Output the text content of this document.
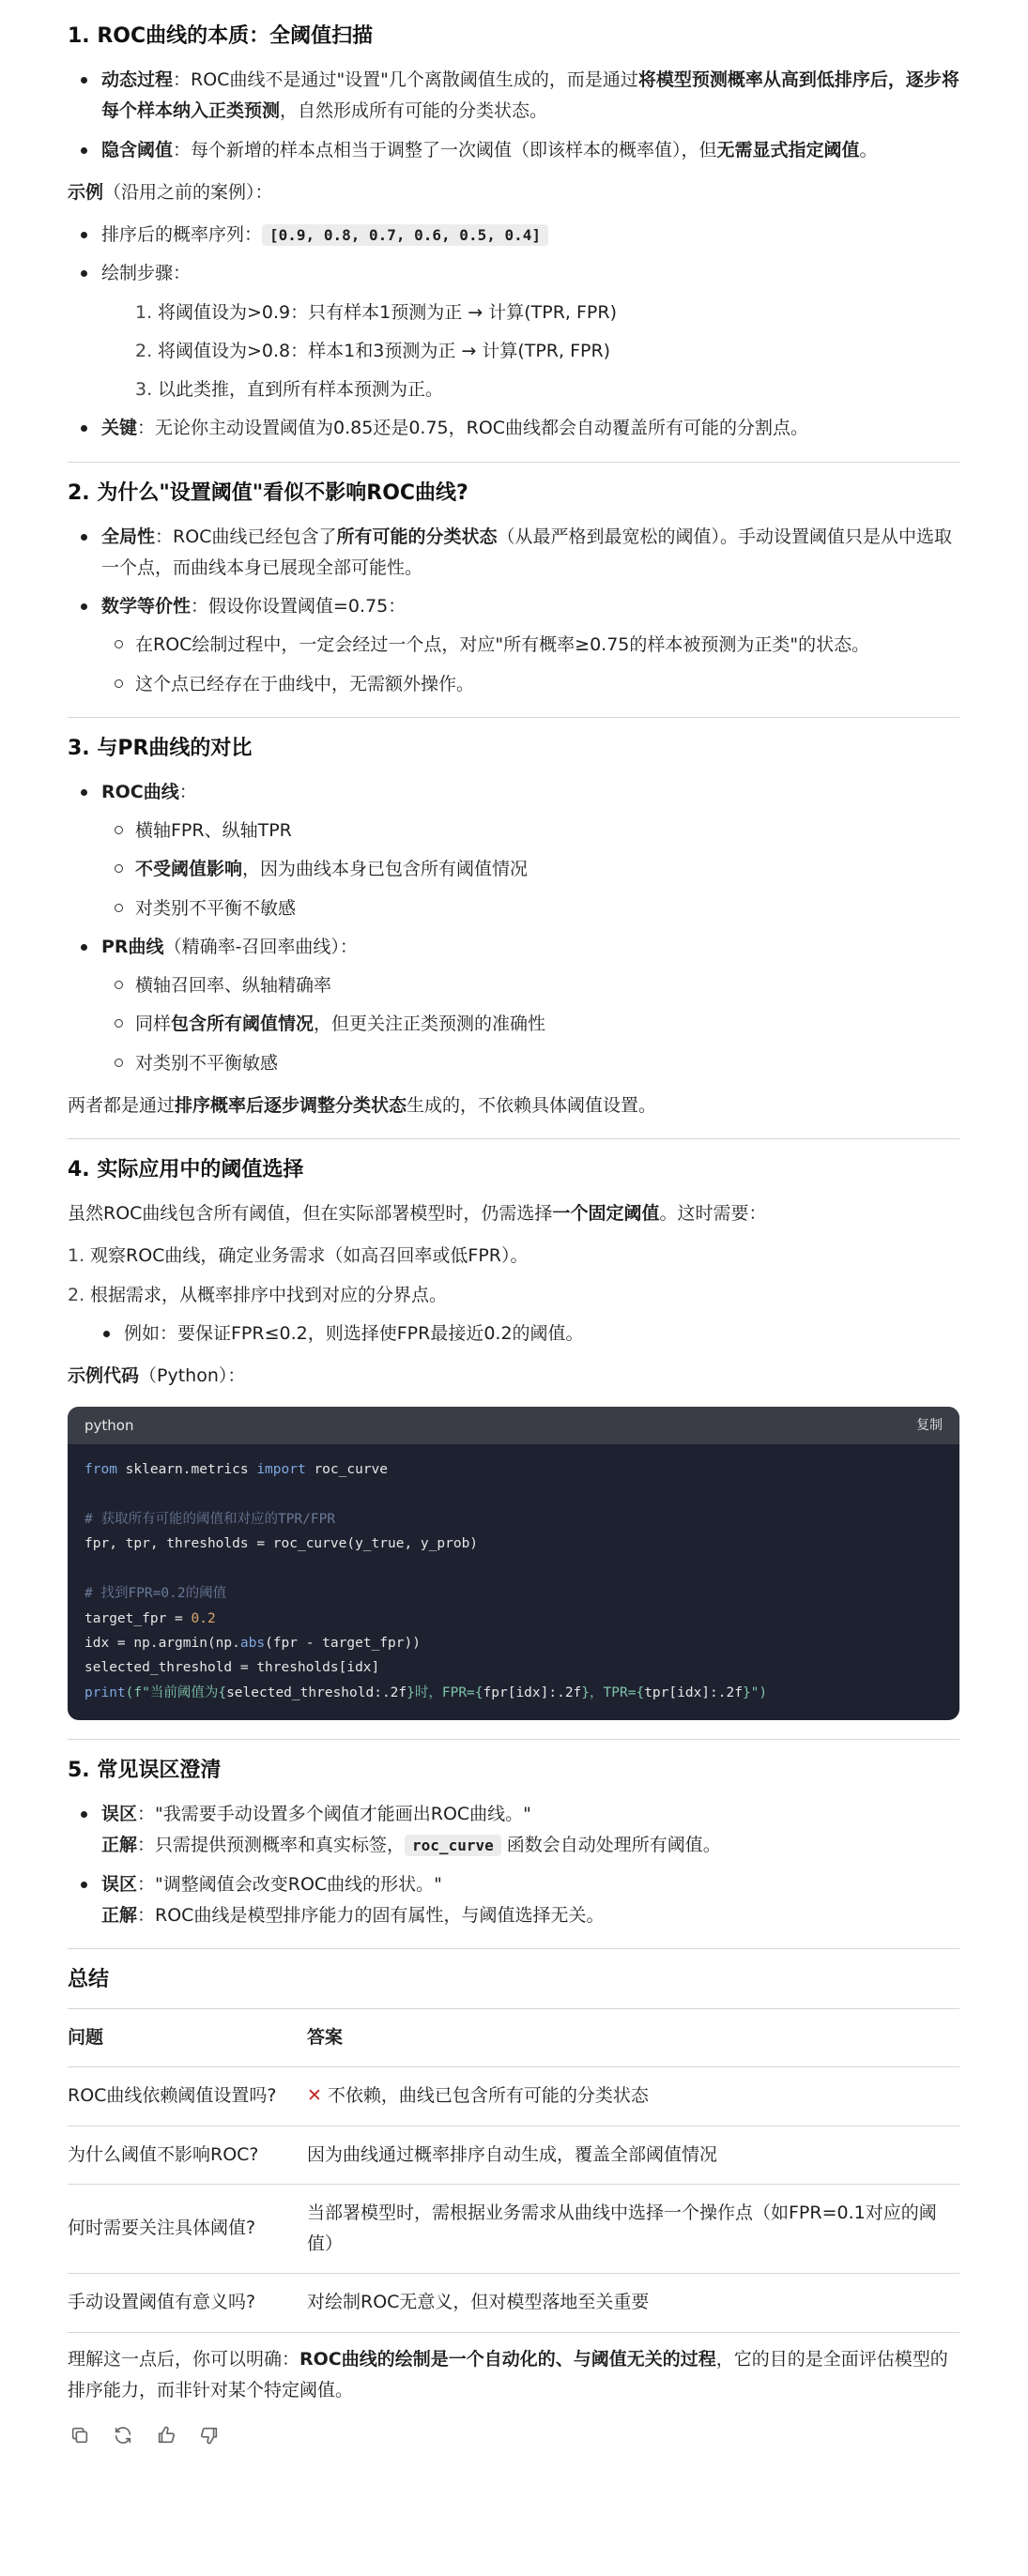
1. ROC曲线的本质：全阈值扫描
动态过程：ROC曲线不是通过"设置"几个离散阈值生成的，而是通过将模型预测概率从高到低排序后，逐步将每个样本纳入正类预测，自然形成所有可能的分类状态。
隐含阈值：每个新增的样本点相当于调整了一次阈值（即该样本的概率值），但无需显式指定阈值。

示例（沿用之前的案例）：

排序后的概率序列： [0.9, 0.8, 0.7, 0.6, 0.5, 0.4]
绘制步骤：
1. 将阈值设为>0.9：只有样本1预测为正 → 计算(TPR, FPR)
2. 将阈值设为>0.8：样本1和3预测为正 → 计算(TPR, FPR)
3. 以此类推，直到所有样本预测为正。
关键：无论你主动设置阈值为0.85还是0.75，ROC曲线都会自动覆盖所有可能的分割点。
2. 为什么"设置阈值"看似不影响ROC曲线?
全局性：ROC曲线已经包含了所有可能的分类状态（从最严格到最宽松的阈值）。手动设置阈值只是从中选取一个点，而曲线本身已展现全部可能性。
数学等价性：假设你设置阈值=0.75：
在ROC绘制过程中，一定会经过一个点，对应"所有概率≥0.75的样本被预测为正类"的状态。
这个点已经存在于曲线中，无需额外操作。
3. 与PR曲线的对比
ROC曲线：
横轴FPR、纵轴TPR
不受阈值影响，因为曲线本身已包含所有阈值情况
对类别不平衡不敏感
PR曲线（精确率-召回率曲线）：
横轴召回率、纵轴精确率
同样包含所有阈值情况，但更关注正类预测的准确性
对类别不平衡敏感

两者都是通过排序概率后逐步调整分类状态生成的，不依赖具体阈值设置。

4. 实际应用中的阈值选择

虽然ROC曲线包含所有阈值，但在实际部署模型时，仍需选择一个固定阈值。这时需要：

1. 观察ROC曲线，确定业务需求（如高召回率或低FPR）。
2. 根据需求，从概率排序中找到对应的分界点。
例如：要保证FPR≤0.2，则选择使FPR最接近0.2的阈值。

示例代码（Python）：

python	复制
from sklearn.metrics import roc_curve

# 获取所有可能的阈值和对应的TPR/FPR
fpr, tpr, thresholds = roc_curve(y_true, y_prob)

# 找到FPR=0.2的阈值
target_fpr = 0.2
idx = np.argmin(np.abs(fpr - target_fpr))
selected_threshold = thresholds[idx]
print(f"当前阈值为{selected_threshold:.2f}时，FPR={fpr[idx]:.2f}，TPR={tpr[idx]:.2f}")
5. 常见误区澄清
误区："我需要手动设置多个阈值才能画出ROC曲线。"
正解：只需提供预测概率和真实标签， roc_curve 函数会自动处理所有阈值。
误区："调整阈值会改变ROC曲线的形状。"
正解：ROC曲线是模型排序能力的固有属性，与阈值选择无关。
总结
问题	答案
ROC曲线依赖阈值设置吗?	✕ 不依赖，曲线已包含所有可能的分类状态
为什么阈值不影响ROC?	因为曲线通过概率排序自动生成，覆盖全部阈值情况
何时需要关注具体阈值?	当部署模型时，需根据业务需求从曲线中选择一个操作点（如FPR=0.1对应的阈值）
手动设置阈值有意义吗?	对绘制ROC无意义，但对模型落地至关重要

理解这一点后，你可以明确：ROC曲线的绘制是一个自动化的、与阈值无关的过程，它的目的是全面评估模型的排序能力，而非针对某个特定阈值。
